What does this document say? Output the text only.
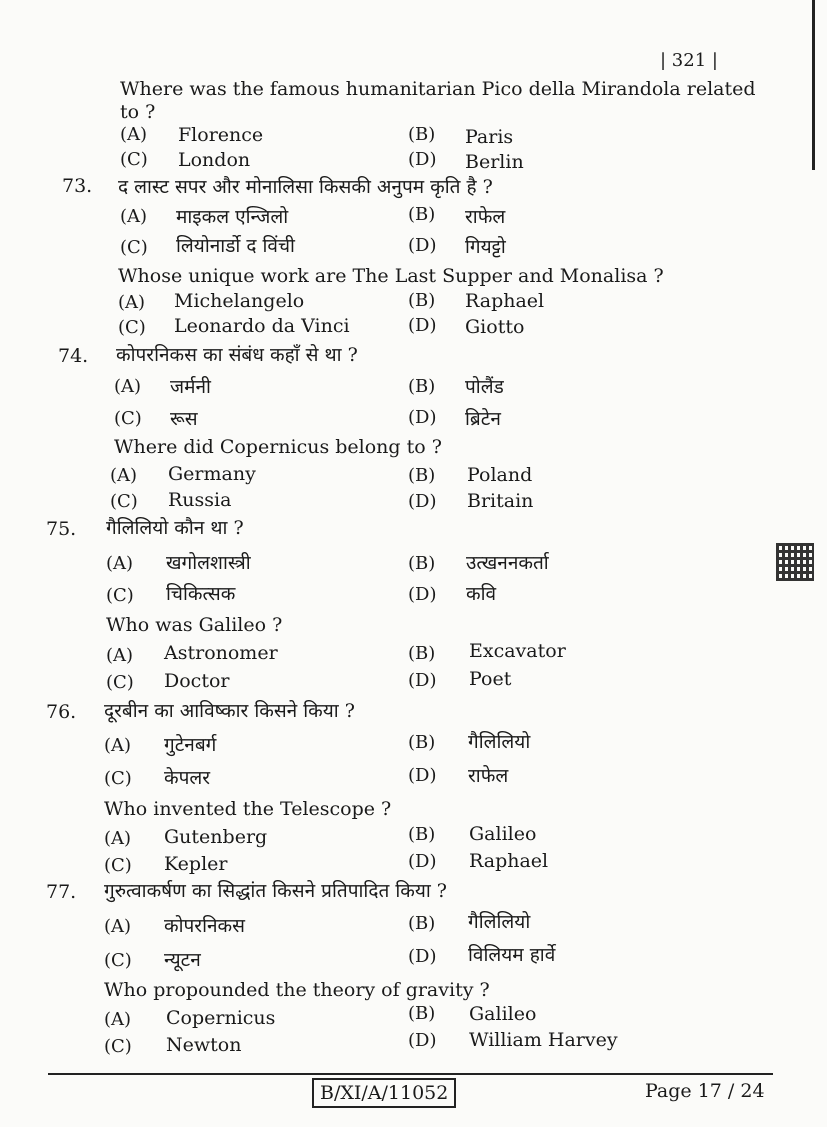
| 321 |
Where was the famous humanitarian Pico della Mirandola related
to ?
(A) Florence	(B) Paris
(C) London	(D) Berlin
73. द लास्ट सपर और मोनालिसा किसकी अनुपम कृति है ?
(A) माइकल एन्जिलो	(B) राफेल
(C) लियोनार्डो द विंची	(D) गियट्टो
Whose unique work are The Last Supper and Monalisa ?
(A) Michelangelo	(B) Raphael
(C) Leonardo da Vinci	(D) Giotto
74. कोपरनिकस का संबंध कहाँ से था ?
(A) जर्मनी	(B) पोलैंड
(C) रूस	(D) ब्रिटेन
Where did Copernicus belong to ?
(A) Germany	(B) Poland
(C) Russia	(D) Britain
75. गैलिलियो कौन था ?
(A) खगोलशास्त्री	(B) उत्खननकर्ता
(C) चिकित्सक	(D) कवि
Who was Galileo ?
(A) Astronomer	(B) Excavator
(C) Doctor	(D) Poet
76. दूरबीन का आविष्कार किसने किया ?
(A) गुटेनबर्ग	(B) गैलिलियो
(C) केपलर	(D) राफेल
Who invented the Telescope ?
(A) Gutenberg	(B) Galileo
(C) Kepler	(D) Raphael
77. गुरुत्वाकर्षण का सिद्धांत किसने प्रतिपादित किया ?
(A) कोपरनिकस	(B) गैलिलियो
(C) न्यूटन	(D) विलियम हार्वे
Who propounded the theory of gravity ?
(A) Copernicus	(B) Galileo
(C) Newton	(D) William Harvey
B/XI/A/11052	Page 17 / 24
